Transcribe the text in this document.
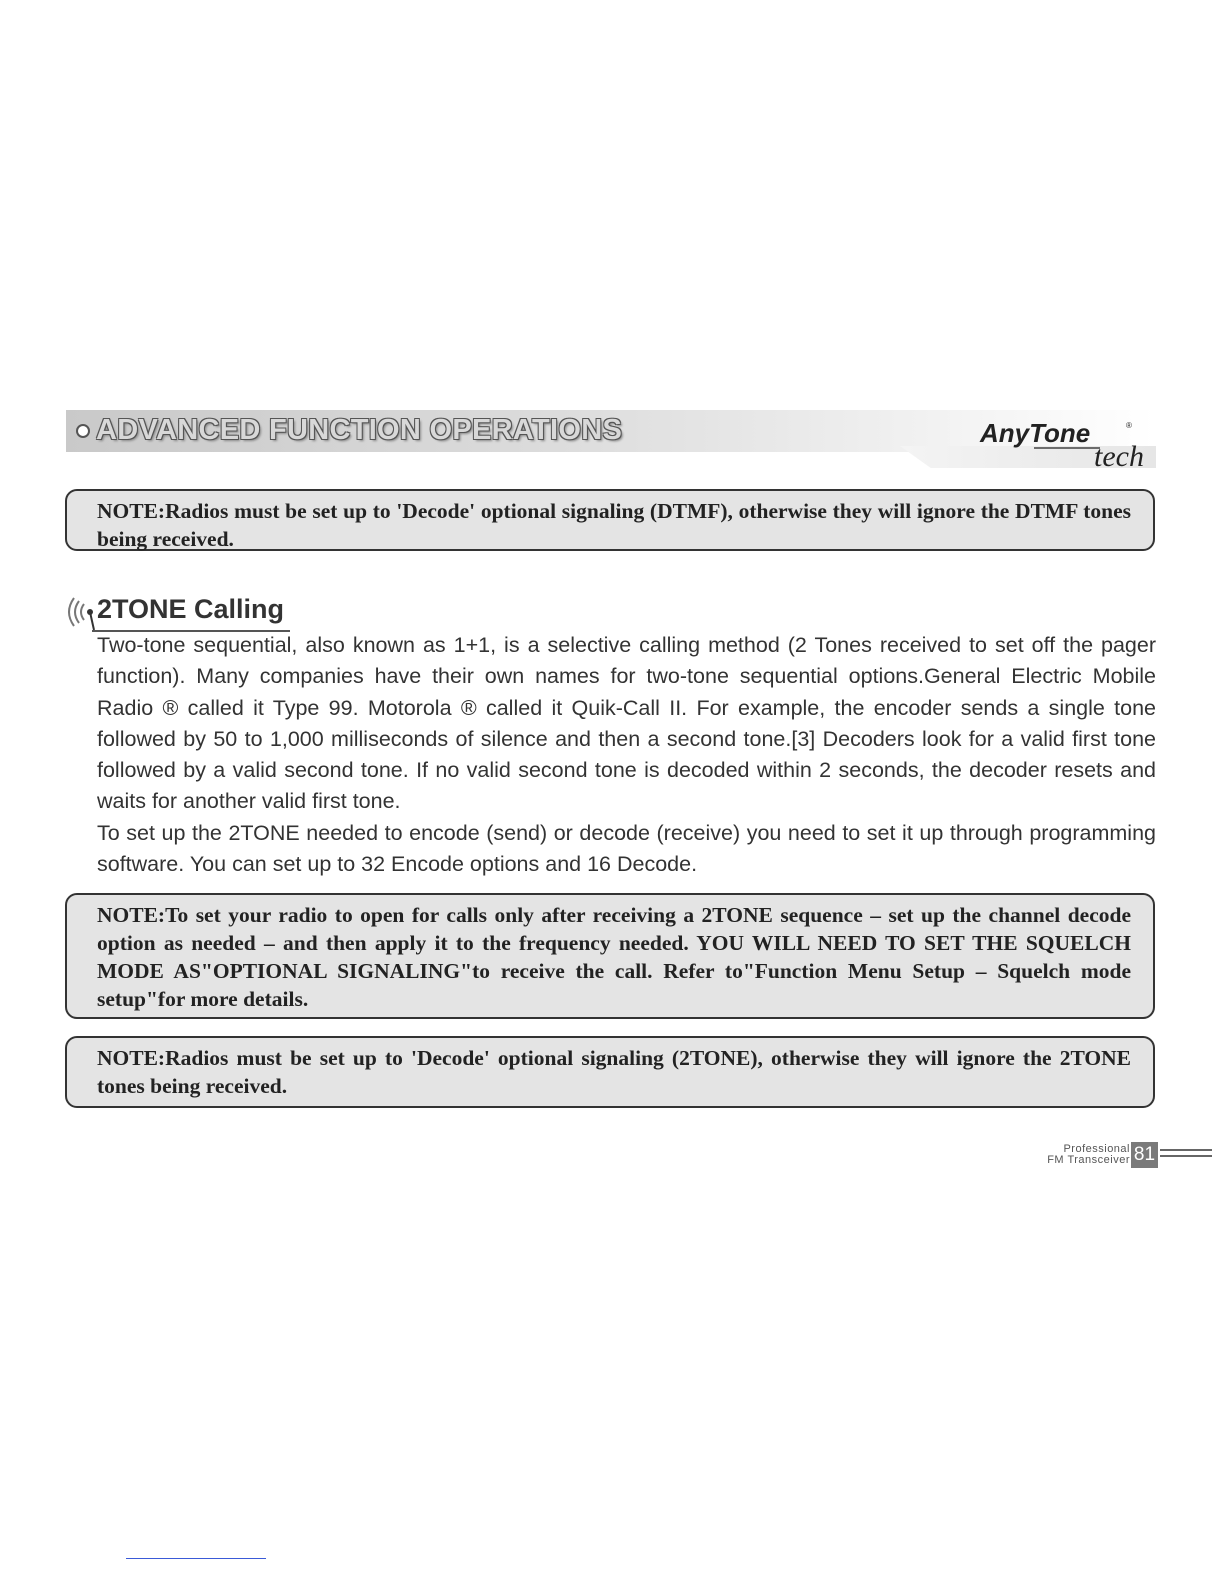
ADVANCED FUNCTION OPERATIONS	AnyTone	®
tech
NOTE:Radios must be set up to 'Decode' optional signaling (DTMF), otherwise they will ignore the DTMF tones being received.
2TONE Calling

Two-tone sequential, also known as 1+1, is a selective calling method (2 Tones received to set off the pager function). Many companies have their own names for two-tone sequential options.General Electric Mobile Radio ® called it Type 99. Motorola ® called it Quik-Call II. For example, the encoder sends a single tone followed by 50 to 1,000 milliseconds of silence and then a second tone.[3] Decoders look for a valid first tone followed by a valid second tone. If no valid second tone is decoded within 2 seconds, the decoder resets and waits for another valid first tone.

To set up the 2TONE needed to encode (send) or decode (receive) you need to set it up through programming software. You can set up to 32 Encode options and 16 Decode.

NOTE:To set your radio to open for calls only after receiving a 2TONE sequence – set up the channel decode option as needed – and then apply it to the frequency needed. YOU WILL NEED TO SET THE SQUELCH MODE AS"OPTIONAL SIGNALING"to receive the call. Refer to"Function Menu Setup – Squelch mode setup"for more details.
NOTE:Radios must be set up to 'Decode' optional signaling (2TONE), otherwise they will ignore the 2TONE tones being received.
Professional
FM Transceiver 81
